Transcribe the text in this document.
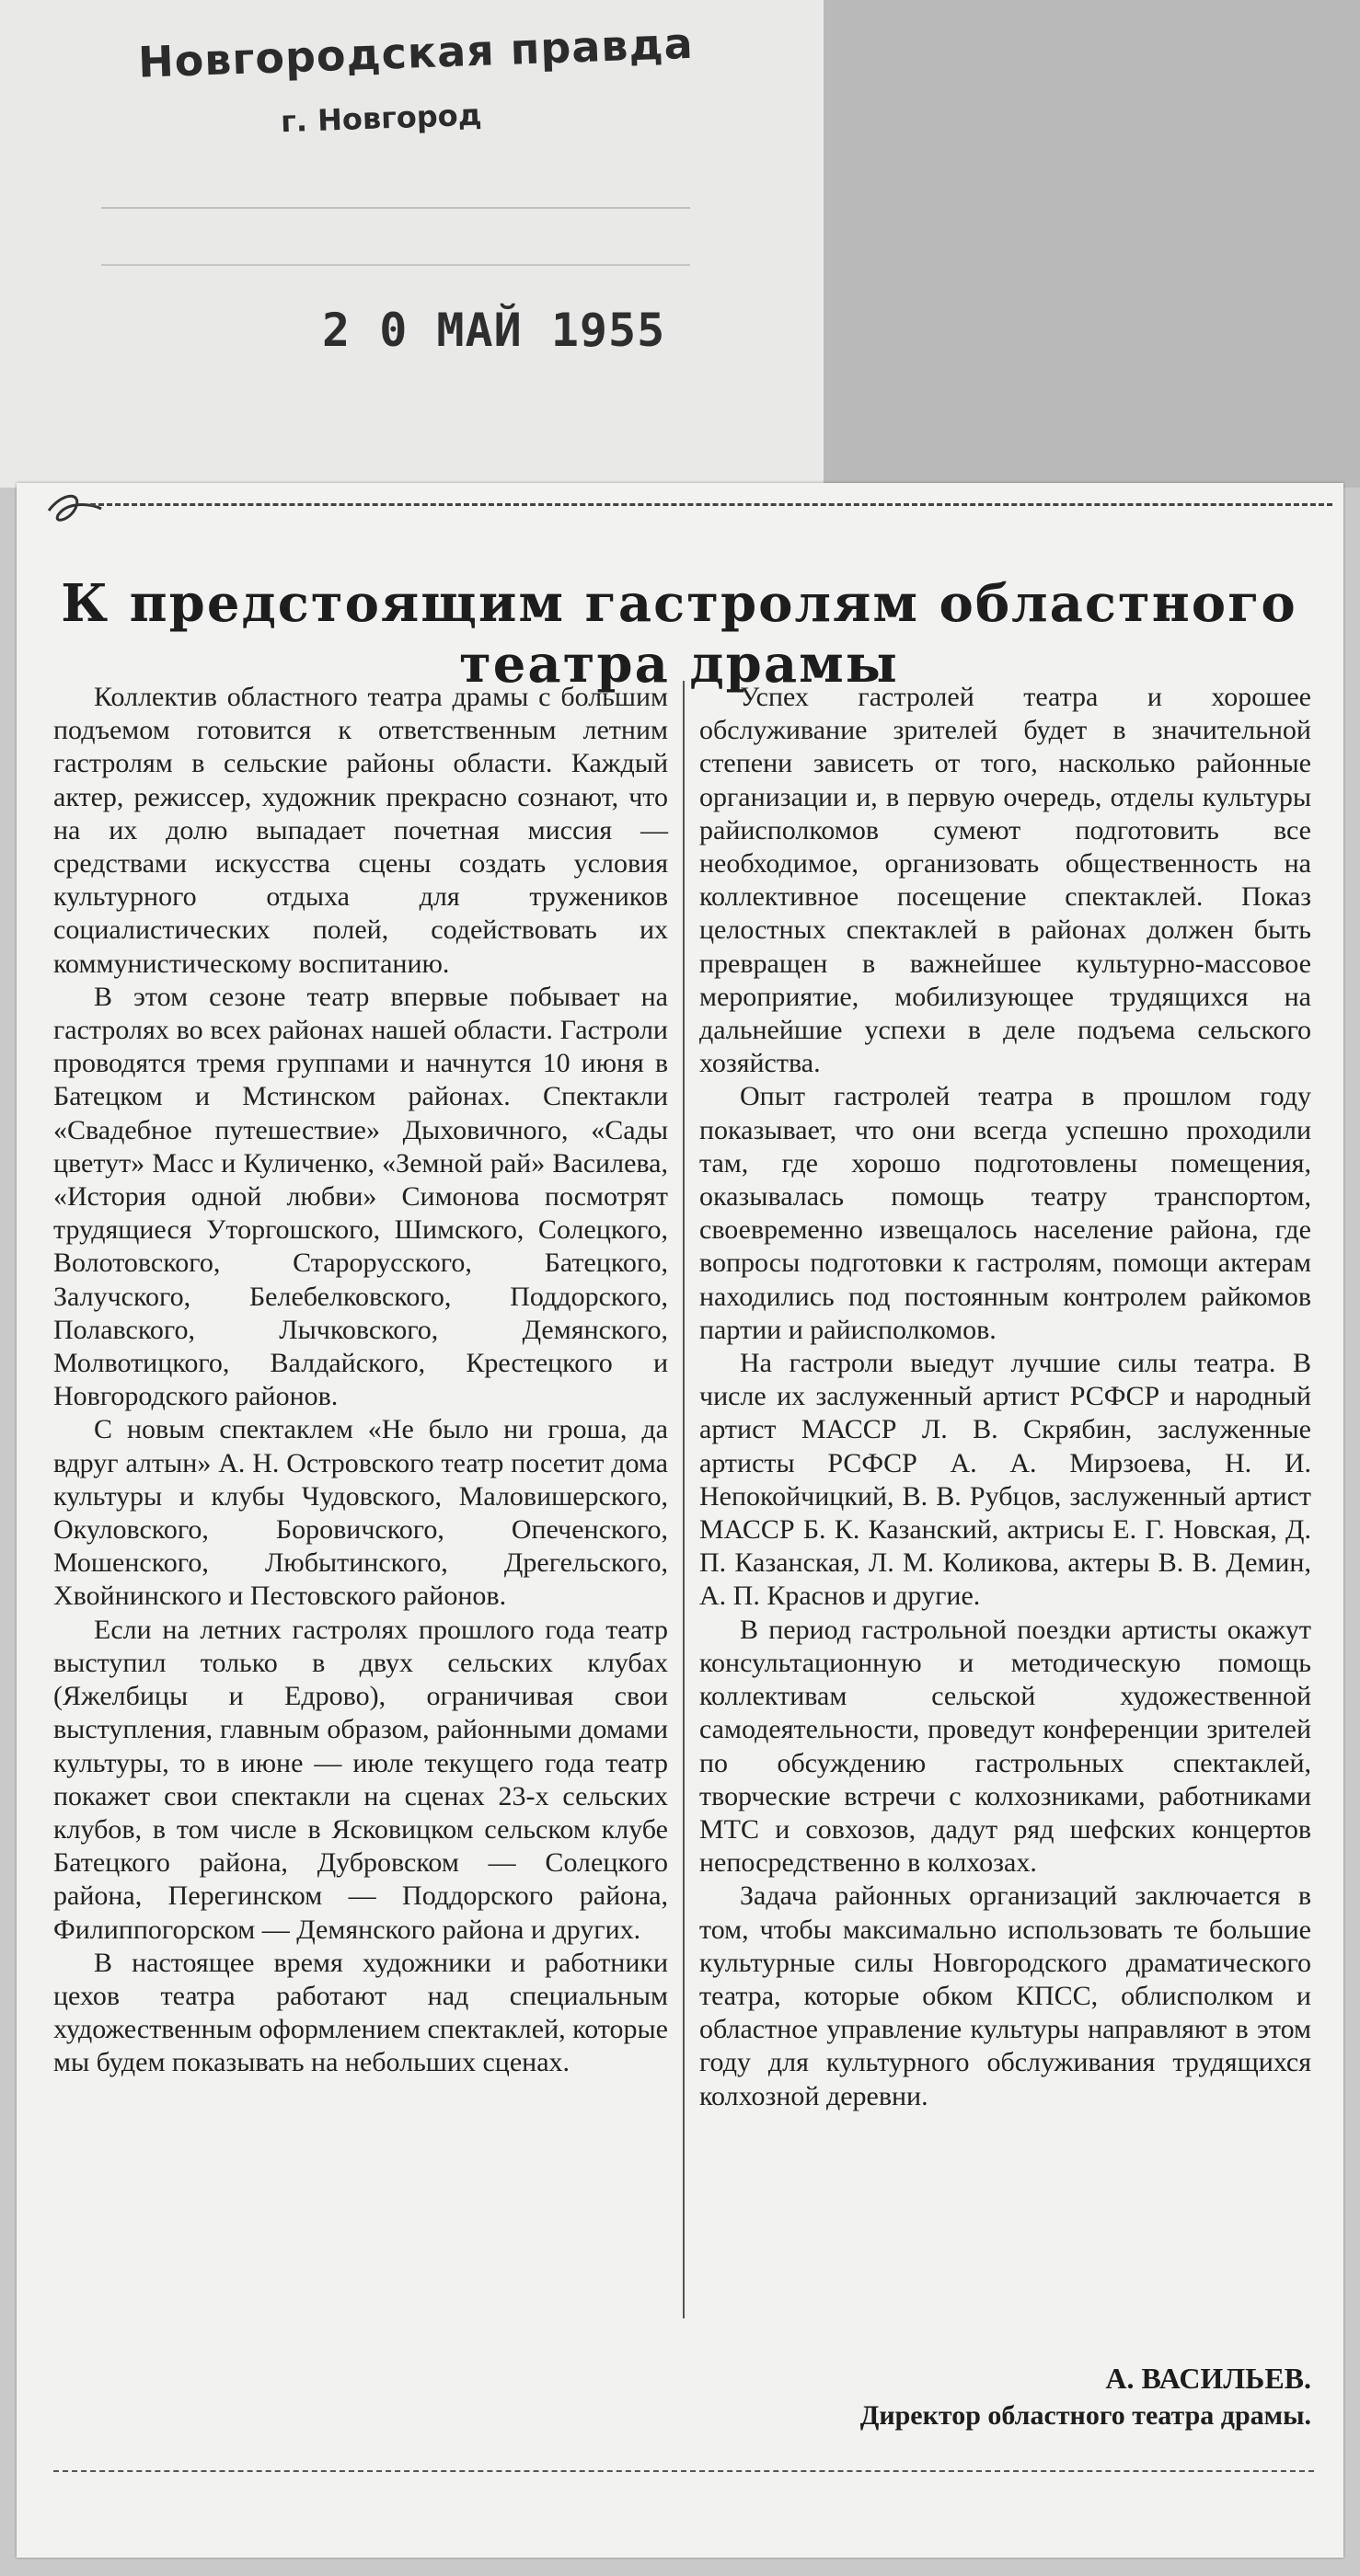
Новгородская правда
г. Новгород
2 0 МАЙ 1955
К предстоящим гастролям областного театра драмы

Коллектив областного театра драмы с большим подъемом готовится к ответственным летним гастролям в сельские районы области. Каждый актер, режиссер, художник прекрасно сознают, что на их долю выпадает почетная миссия — средствами искусства сцены создать условия культурного отдыха для тружеников социалистических полей, содействовать их коммунистическому воспитанию.

В этом сезоне театр впервые побывает на гастролях во всех районах нашей области. Гастроли проводятся тремя группами и начнутся 10 июня в Батецком и Мстинском районах. Спектакли «Свадебное путешествие» Дыховичного, «Сады цветут» Масс и Куличенко, «Земной рай» Василева, «История одной любви» Симонова посмотрят трудящиеся Уторгошского, Шимского, Солецкого, Волотовского, Старорусского, Батецкого, Залучского, Белебелковского, Поддорского, Полавского, Лычковского, Демянского, Молвотицкого, Валдайского, Крестецкого и Новгородского районов.

С новым спектаклем «Не было ни гроша, да вдруг алтын» А. Н. Островского театр посетит дома культуры и клубы Чудовского, Маловишерского, Окуловского, Боровичского, Опеченского, Мошенского, Любытинского, Дрегельского, Хвойнинского и Пестовского районов.

Если на летних гастролях прошлого года театр выступил только в двух сельских клубах (Яжелбицы и Едрово), ограничивая свои выступления, главным образом, районными домами культуры, то в июне — июле текущего года театр покажет свои спектакли на сценах 23-х сельских клубов, в том числе в Ясковицком сельском клубе Батецкого района, Дубровском — Солецкого района, Перегинском — Поддорского района, Филиппогорском — Демянского района и других.

В настоящее время художники и работники цехов театра работают над специальным художественным оформлением спектаклей, которые мы будем показывать на небольших сценах.

Успех гастролей театра и хорошее обслуживание зрителей будет в значительной степени зависеть от того, насколько районные организации и, в первую очередь, отделы культуры райисполкомов сумеют подготовить все необходимое, организовать общественность на коллективное посещение спектаклей. Показ целостных спектаклей в районах должен быть превращен в важнейшее культурно-массовое мероприятие, мобилизующее трудящихся на дальнейшие успехи в деле подъема сельского хозяйства.

Опыт гастролей театра в прошлом году показывает, что они всегда успешно проходили там, где хорошо подготовлены помещения, оказывалась помощь театру транспортом, своевременно извещалось население района, где вопросы подготовки к гастролям, помощи актерам находились под постоянным контролем райкомов партии и райисполкомов.

На гастроли выедут лучшие силы театра. В числе их заслуженный артист РСФСР и народный артист МАССР Л. В. Скрябин, заслуженные артисты РСФСР А. А. Мирзоева, Н. И. Непокойчицкий, В. В. Рубцов, заслуженный артист МАССР Б. К. Казанский, актрисы Е. Г. Новская, Д. П. Казанская, Л. М. Коликова, актеры В. В. Демин, А. П. Краснов и другие.

В период гастрольной поездки артисты окажут консультационную и методическую помощь коллективам сельской художественной самодеятельности, проведут конференции зрителей по обсуждению гастрольных спектаклей, творческие встречи с колхозниками, работниками МТС и совхозов, дадут ряд шефских концертов непосредственно в колхозах.

Задача районных организаций заключается в том, чтобы максимально использовать те большие культурные силы Новгородского драматического театра, которые обком КПСС, облисполком и областное управление культуры направляют в этом году для культурного обслуживания трудящихся колхозной деревни.

А. ВАСИЛЬЕВ.
Директор областного театра драмы.
